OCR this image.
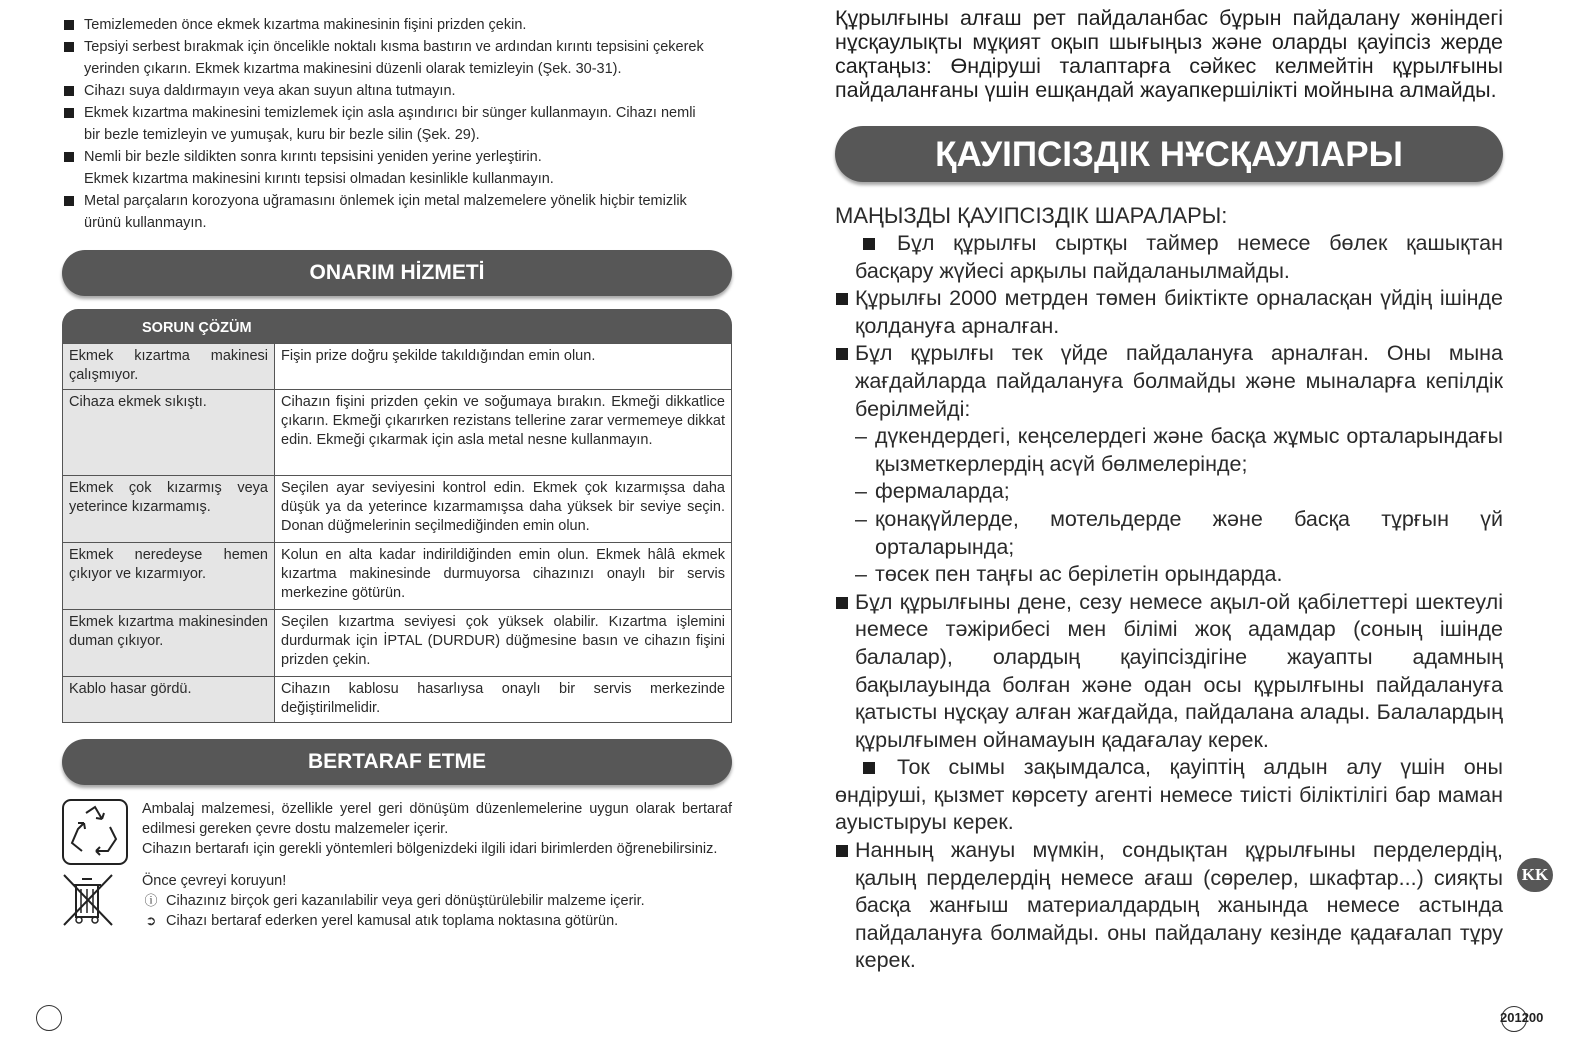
Temizlemeden önce ekmek kızartma makinesinin fişini prizden çekin.
Tepsiyi serbest bırakmak için öncelikle noktalı kısma bastırın ve ardından kırıntı tepsisini çekerek
yerinden çıkarın. Ekmek kızartma makinesini düzenli olarak temizleyin (Şek. 30-31).
Cihazı suya daldırmayın veya akan suyun altına tutmayın.
Ekmek kızartma makinesini temizlemek için asla aşındırıcı bir sünger kullanmayın. Cihazı nemli
bir bezle temizleyin ve yumuşak, kuru bir bezle silin (Şek. 29).
Nemli bir bezle sildikten sonra kırıntı tepsisini yeniden yerine yerleştirin.
Ekmek kızartma makinesini kırıntı tepsisi olmadan kesinlikle kullanmayın.
Metal parçaların korozyona uğramasını önlemek için metal malzemelere yönelik hiçbir temizlik
ürünü kullanmayın.
ONARIM HİZMETİ
SORUN ÇÖZÜM
Ekmek kızartma makinesi çalışmıyor.	Fişin prize doğru şekilde takıldığından emin olun.
Cihaza ekmek sıkıştı.	Cihazın fişini prizden çekin ve soğumaya bırakın. Ekmeği dikkatlice çıkarın. Ekmeği çıkarırken rezistans tellerine zarar vermemeye dikkat edin. Ekmeği çıkarmak için asla metal nesne kullanmayın.
Ekmek çok kızarmış veya yeterince kızarmamış.	Seçilen ayar seviyesini kontrol edin. Ekmek çok kızarmışsa daha düşük ya da yeterince kızarmamışsa daha yüksek bir seviye seçin. Donan düğmelerinin seçilmediğinden emin olun.
Ekmek neredeyse hemen çıkıyor ve kızarmıyor.	Kolun en alta kadar indirildiğinden emin olun. Ekmek hâlâ ekmek kızartma makinesinde durmuyorsa cihazınızı onaylı bir servis merkezine götürün.
Ekmek kızartma makinesinden duman çıkıyor.	Seçilen kızartma seviyesi çok yüksek olabilir. Kızartma işlemini durdurmak için İPTAL (DURDUR) düğmesine basın ve cihazın fişini prizden çekin.
Kablo hasar gördü.	Cihazın kablosu hasarlıysa onaylı bir servis merkezinde değiştirilmelidir.
BERTARAF ETME
Ambalaj malzemesi, özellikle yerel geri dönüşüm düzenlemelerine uygun olarak bertaraf edilmesi gereken çevre dostu malzemeler içerir.
Cihazın bertarafı için gerekli yöntemleri bölgenizdeki ilgili idari birimlerden öğrenebilirsiniz.
Önce çevreyi koruyun!
ⓘ Cihazınız birçok geri kazanılabilir veya geri dönüştürülebilir malzeme içerir.
➲ Cihazı bertaraf ederken yerel kamusal atık toplama noktasına götürün.
Құрылғыны алғаш рет пайдаланбас бұрын пайдалану жөніндегі нұсқаулықты мұқият оқып шығыңыз және оларды қауіпсіз жерде сақтаңыз: Өндіруші талаптарға сәйкес келмейтін құрылғыны пайдаланғаны үшін ешқандай жауапкершілікті мойнына алмайды.
ҚАУІПСІЗДІК НҰСҚАУЛАРЫ
МАҢЫЗДЫ ҚАУІПСІЗДІК ШАРАЛАРЫ:
Бұл құрылғы сыртқы таймер немесе бөлек қашықтан басқару жүйесі арқылы пайдаланылмайды.
Құрылғы 2000 метрден төмен биіктікте орналасқан үйдің ішінде қолдануға арналған.
Бұл құрылғы тек үйде пайдалануға арналған. Оны мына жағдайларда пайдалануға болмайды және мыналарға кепілдік берілмейді:
– дүкендердегі, кеңселердегі және басқа жұмыс орталарындағы қызметкерлердің асүй бөлмелерінде;
– фермаларда;
– қонақүйлерде, мотельдерде және басқа тұрғын үй орталарында;
– төсек пен таңғы ас берілетін орындарда.
Бұл құрылғыны дене, сезу немесе ақыл-ой қабілеттері шектеулі немесе тәжірибесі мен білімі жоқ адамдар (соның ішінде балалар), олардың қауіпсіздігіне жауапты адамның бақылауында болған және одан осы құрылғыны пайдалануға қатысты нұсқау алған жағдайда, пайдалана алады. Балалардың құрылғымен ойнамауын қадағалау керек.
Ток сымы зақымдалса, қауіптің алдын алу үшін оны өндіруші, қызмет көрсету агенті немесе тиісті біліктілігі бар маман ауыстыруы керек.
Нанның жануы мүмкін, сондықтан құрылғыны перделердің, қалың перделердің немесе ағаш (сөрелер, шкафтар...) сияқты басқа жанғыш материалдардың жанында немесе астында пайдалануға болмайды. оны пайдалану кезінде қадағалап тұру керек.
KK
201200
